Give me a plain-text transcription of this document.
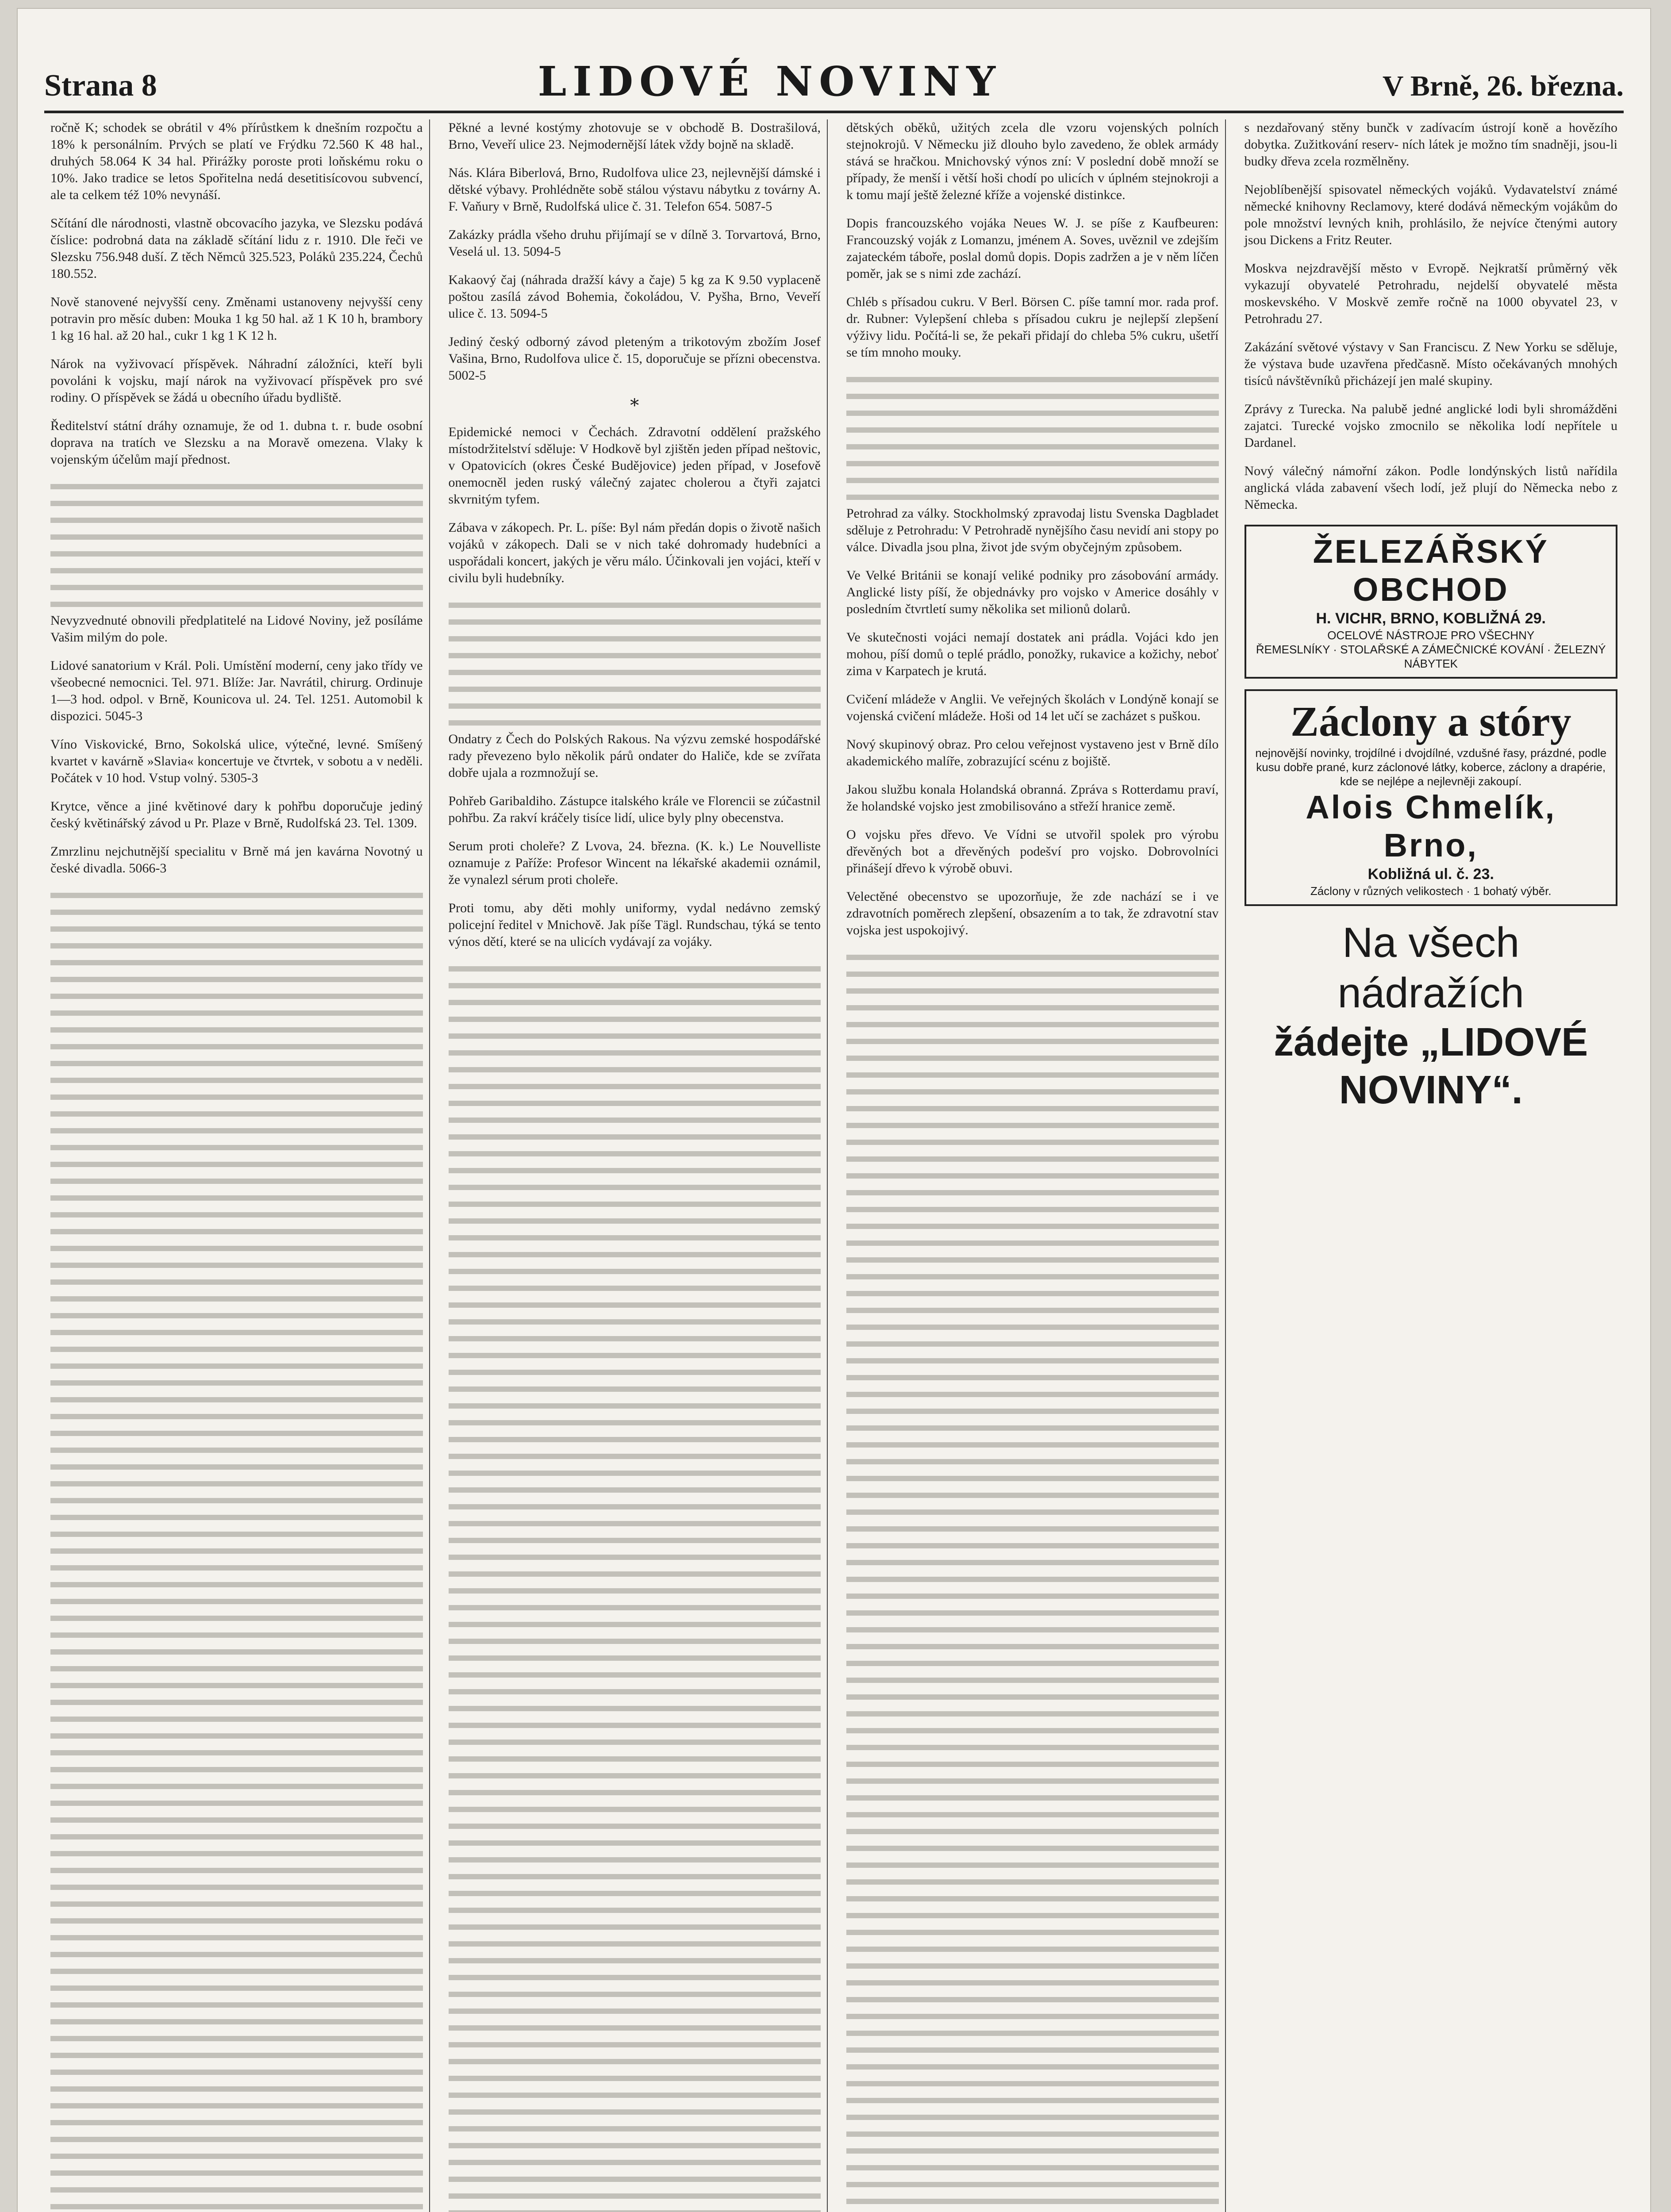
Strana 8	LIDOVÉ NOVINY	V Brně, 26. března.

ročně K; schodek se obrátil v 4% přírůstkem k dnešním rozpočtu a 18% k personálním. Prvých se platí ve Frýdku 72.560 K 48 hal., druhých 58.064 K 34 hal. Přirážky poroste proti loňskému roku o 10%. Jako tradice se letos Spořitelna nedá desetitisícovou subvencí, ale ta celkem též 10% nevynáší.

Sčítání dle národnosti, vlastně obcovacího jazyka, ve Slezsku podává číslice: podrobná data na základě sčítání lidu z r. 1910. Dle řeči ve Slezsku 756.948 duší. Z těch Němců 325.523, Poláků 235.224, Čechů 180.552.

Nově stanovené nejvyšší ceny. Změnami ustanoveny nejvyšší ceny potravin pro měsíc duben: Mouka 1 kg 50 hal. až 1 K 10 h, brambory 1 kg 16 hal. až 20 hal., cukr 1 kg 1 K 12 h.

Nárok na vyživovací příspěvek. Náhradní záložníci, kteří byli povoláni k vojsku, mají nárok na vyživovací příspěvek pro své rodiny. O příspěvek se žádá u obecního úřadu bydliště.

Ředitelství státní dráhy oznamuje, že od 1. dubna t. r. bude osobní doprava na tratích ve Slezsku a na Moravě omezena. Vlaky k vojenským účelům mají přednost.

Nevyzvednuté obnovili předplatitelé na Lidové Noviny, jež posíláme Vašim milým do pole.

Lidové sanatorium v Král. Poli. Umístění moderní, ceny jako třídy ve všeobecné nemocnici. Tel. 971. Blíže: Jar. Navrátil, chirurg. Ordinuje 1—3 hod. odpol. v Brně, Kounicova ul. 24. Tel. 1251. Automobil k dispozici. 5045-3

Víno Viskovické, Brno, Sokolská ulice, výtečné, levné. Smíšený kvartet v kavárně »Slavia« koncertuje ve čtvrtek, v sobotu a v neděli. Počátek v 10 hod. Vstup volný. 5305-3

Krytce, věnce a jiné květinové dary k pohřbu doporučuje jediný český květinářský závod u Pr. Plaze v Brně, Rudolfská 23. Tel. 1309.

Zmrzlinu nejchutnější specialitu v Brně má jen kavárna Novotný u české divadla. 5066-3

Pěkné a levné kostýmy zhotovuje se v obchodě B. Dostrašilová, Brno, Veveří ulice 23. Nejmodernější látek vždy bojně na skladě.

Nás. Klára Biberlová, Brno, Rudolfova ulice 23, nejlevnější dámské i dětské výbavy. Prohlédněte sobě stálou výstavu nábytku z továrny A. F. Vaňury v Brně, Rudolfská ulice č. 31. Telefon 654. 5087-5

Zakázky prádla všeho druhu přijímají se v dílně 3. Torvartová, Brno, Veselá ul. 13. 5094-5

Kakaový čaj (náhrada dražší kávy a čaje) 5 kg za K 9.50 vyplaceně poštou zasílá závod Bohemia, čokoládou, V. Pyšha, Brno, Veveří ulice č. 13. 5094-5

Jediný český odborný závod pleteným a trikotovým zbožím Josef Vašina, Brno, Rudolfova ulice č. 15, doporučuje se přízni obecenstva. 5002-5

*

Epidemické nemoci v Čechách. Zdravotní oddělení pražského místodržitelství sděluje: V Hodkově byl zjištěn jeden případ neštovic, v Opatovicích (okres České Budějovice) jeden případ, v Josefově onemocněl jeden ruský válečný zajatec cholerou a čtyři zajatci skvrnitým tyfem.

Zábava v zákopech. Pr. L. píše: Byl nám předán dopis o životě našich vojáků v zákopech. Dali se v nich také dohromady hudebníci a uspořádali koncert, jakých je věru málo. Účinkovali jen vojáci, kteří v civilu byli hudebníky.

Ondatry z Čech do Polských Rakous. Na výzvu zemské hospodářské rady převezeno bylo několik párů ondater do Haliče, kde se zvířata dobře ujala a rozmnožují se.

Pohřeb Garibaldiho. Zástupce italského krále ve Florencii se zúčastnil pohřbu. Za rakví kráčely tisíce lidí, ulice byly plny obecenstva.

Serum proti choleře? Z Lvova, 24. března. (K. k.) Le Nouvelliste oznamuje z Paříže: Profesor Wincent na lékařské akademii oznámil, že vynalezl sérum proti choleře.

Proti tomu, aby děti mohly uniformy, vydal nedávno zemský policejní ředitel v Mnichově. Jak píše Tägl. Rundschau, týká se tento výnos dětí, které se na ulicích vydávají za vojáky.

dětských oběků, užitých zcela dle vzoru vojenských polních stejnokrojů. V Německu již dlouho bylo zavedeno, že oblek armády stává se hračkou. Mnichovský výnos zní: V poslední době množí se případy, že menší i větší hoši chodí po ulicích v úplném stejnokroji a k tomu mají ještě železné kříže a vojenské distinkce.

Dopis francouzského vojáka Neues W. J. se píše z Kaufbeuren: Francouzský voják z Lomanzu, jménem A. Soves, uvěznil ve zdejším zajateckém táboře, poslal domů dopis. Dopis zadržen a je v něm líčen poměr, jak se s nimi zde zachází.

Chléb s přísadou cukru. V Berl. Börsen C. píše tamní mor. rada prof. dr. Rubner: Vylepšení chleba s přísadou cukru je nejlepší zlepšení výživy lidu. Počítá-li se, že pekaři přidají do chleba 5% cukru, ušetří se tím mnoho mouky.

Petrohrad za války. Stockholmský zpravodaj listu Svenska Dagbladet sděluje z Petrohradu: V Petrohradě nynějšího času nevidí ani stopy po válce. Divadla jsou plna, život jde svým obyčejným způsobem.

Ve Velké Británii se konají veliké podniky pro zásobování armády. Anglické listy píší, že objednávky pro vojsko v Americe dosáhly v posledním čtvrtletí sumy několika set milionů dolarů.

Ve skutečnosti vojáci nemají dostatek ani prádla. Vojáci kdo jen mohou, píší domů o teplé prádlo, ponožky, rukavice a kožichy, neboť zima v Karpatech je krutá.

Cvičení mládeže v Anglii. Ve veřejných školách v Londýně konají se vojenská cvičení mládeže. Hoši od 14 let učí se zacházet s puškou.

Nový skupinový obraz. Pro celou veřejnost vystaveno jest v Brně dílo akademického malíře, zobrazující scénu z bojiště.

Jakou službu konala Holandská obranná. Zpráva s Rotterdamu praví, že holandské vojsko jest zmobilisováno a střeží hranice země.

O vojsku přes dřevo. Ve Vídni se utvořil spolek pro výrobu dřevěných bot a dřevěných podešví pro vojsko. Dobrovolníci přinášejí dřevo k výrobě obuvi.

Velectěné obecenstvo se upozorňuje, že zde nachází se i ve zdravotních poměrech zlepšení, obsazením a to tak, že zdravotní stav vojska jest uspokojivý.

s nezdařovaný stěny bunčk v zadívacím ústrojí koně a hovězího dobytka. Zužitkování reserv- ních látek je možno tím snadněji, jsou-li budky dřeva zcela rozmělněny.

Nejoblíbenější spisovatel německých vojáků. Vydavatelství známé německé knihovny Reclamovy, které dodává německým vojákům do pole množství levných knih, prohlásilo, že nejvíce čtenými autory jsou Dickens a Fritz Reuter.

Moskva nejzdravější město v Evropě. Nejkratší průměrný věk vykazují obyvatelé Petrohradu, nejdelší obyvatelé města moskevského. V Moskvě zemře ročně na 1000 obyvatel 23, v Petrohradu 27.

Zakázání světové výstavy v San Franciscu. Z New Yorku se sděluje, že výstava bude uzavřena předčasně. Místo očekávaných mnohých tisíců návštěvníků přicházejí jen malé skupiny.

Zprávy z Turecka. Na palubě jedné anglické lodi byli shromážděni zajatci. Turecké vojsko zmocnilo se několika lodí nepřítele u Dardanel.

Nový válečný námořní zákon. Podle londýnských listů nařídila anglická vláda zabavení všech lodí, jež plují do Německa nebo z Německa.

ŽELEZÁŘSKÝ OBCHOD
H. VICHR, BRNO, KOBLIŽNÁ 29.
OCELOVÉ NÁSTROJE PRO VŠECHNY
ŘEMESLNÍKY · STOLAŘSKÉ A ZÁMEČNICKÉ KOVÁNÍ · ŽELEZNÝ NÁBYTEK
Záclony a stóry
nejnovější novinky, trojdílné i dvojdílné, vzdušné řasy, prázdné, podle kusu dobře prané, kurz záclonové látky, koberce, záclony a drapérie, kde se nejlépe a nejlevněji zakoupí.
Alois Chmelík, Brno,
Kobližná ul. č. 23.
Záclony v různých velikostech · 1 bohatý výběr.
Na všech nádražích
žádejte „LIDOVÉ NOVINY“.
